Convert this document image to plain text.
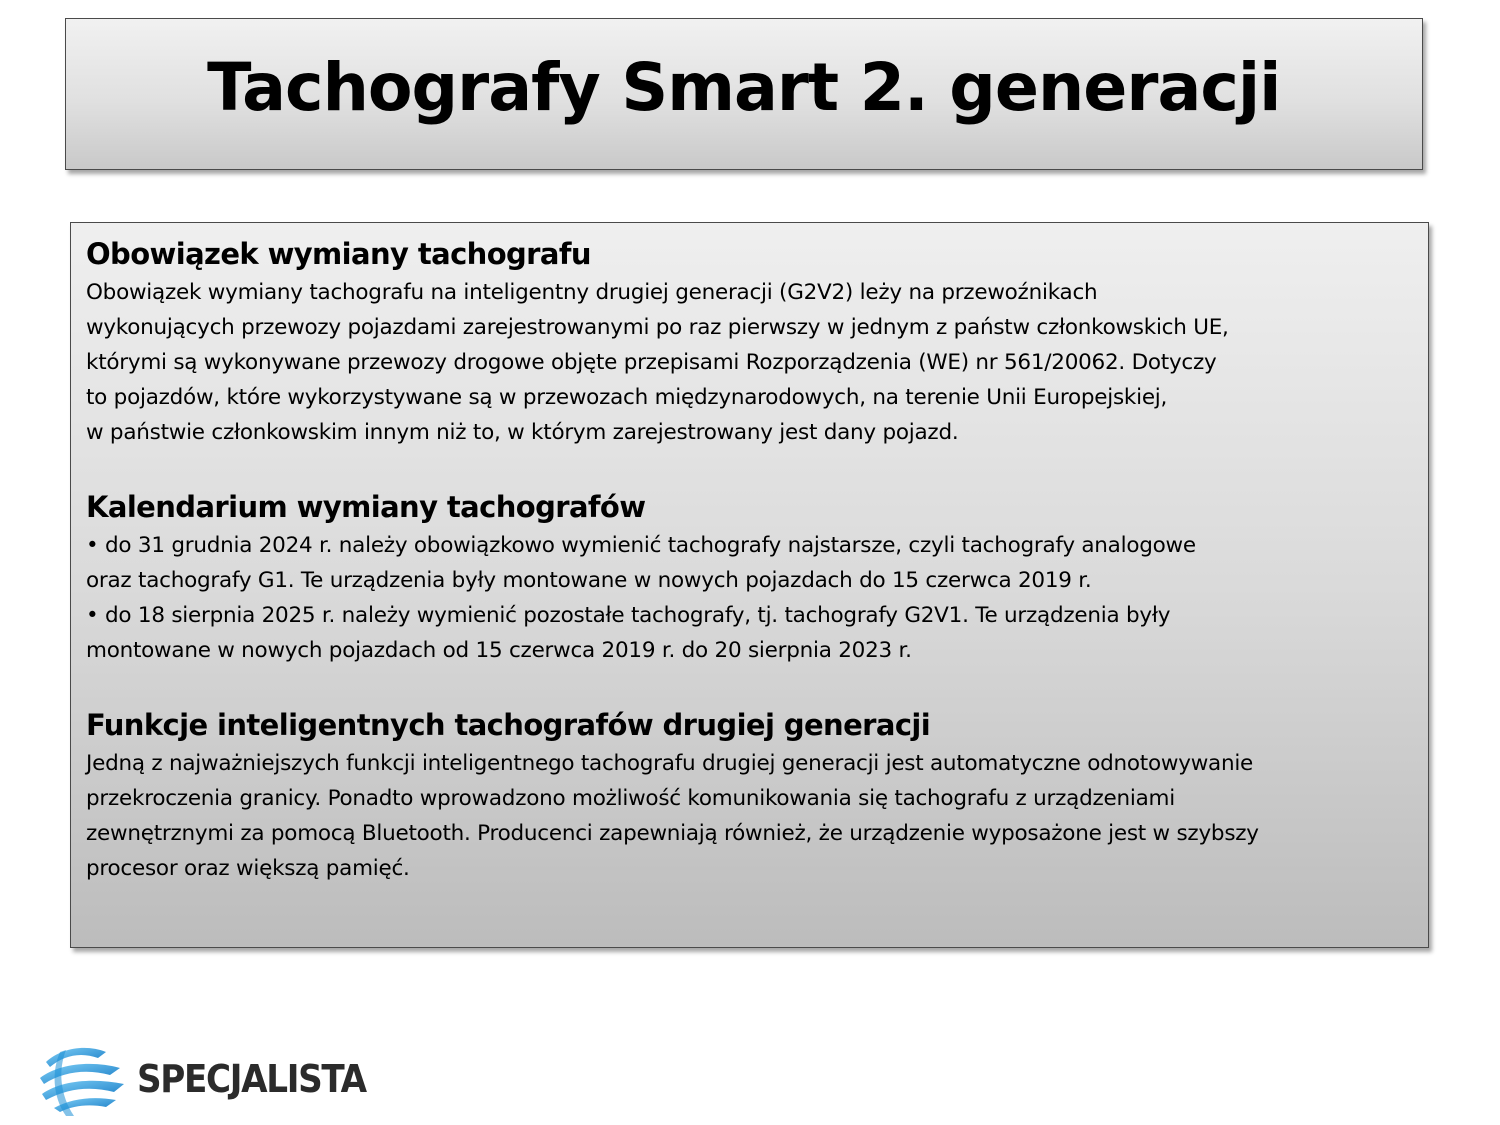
Tachografy Smart 2. generacji
Obowiązek wymiany tachografu

Obowiązek wymiany tachografu na inteligentny drugiej generacji (G2V2) leży na przewoźnikach
wykonujących przewozy pojazdami zarejestrowanymi po raz pierwszy w jednym z państw członkowskich UE,
którymi są wykonywane przewozy drogowe objęte przepisami Rozporządzenia (WE) nr 561/20062. Dotyczy
to pojazdów, które wykorzystywane są w przewozach międzynarodowych, na terenie Unii Europejskiej,
w państwie członkowskim innym niż to, w którym zarejestrowany jest dany pojazd.

Kalendarium wymiany tachografów

• do 31 grudnia 2024 r. należy obowiązkowo wymienić tachografy najstarsze, czyli tachografy analogowe
oraz tachografy G1. Te urządzenia były montowane w nowych pojazdach do 15 czerwca 2019 r.
• do 18 sierpnia 2025 r. należy wymienić pozostałe tachografy, tj. tachografy G2V1. Te urządzenia były
montowane w nowych pojazdach od 15 czerwca 2019 r. do 20 sierpnia 2023 r.

Funkcje inteligentnych tachografów drugiej generacji

Jedną z najważniejszych funkcji inteligentnego tachografu drugiej generacji jest automatyczne odnotowywanie
przekroczenia granicy. Ponadto wprowadzono możliwość komunikowania się tachografu z urządzeniami
zewnętrznymi za pomocą Bluetooth. Producenci zapewniają również, że urządzenie wyposażone jest w szybszy
procesor oraz większą pamięć.

SPECJALISTA
